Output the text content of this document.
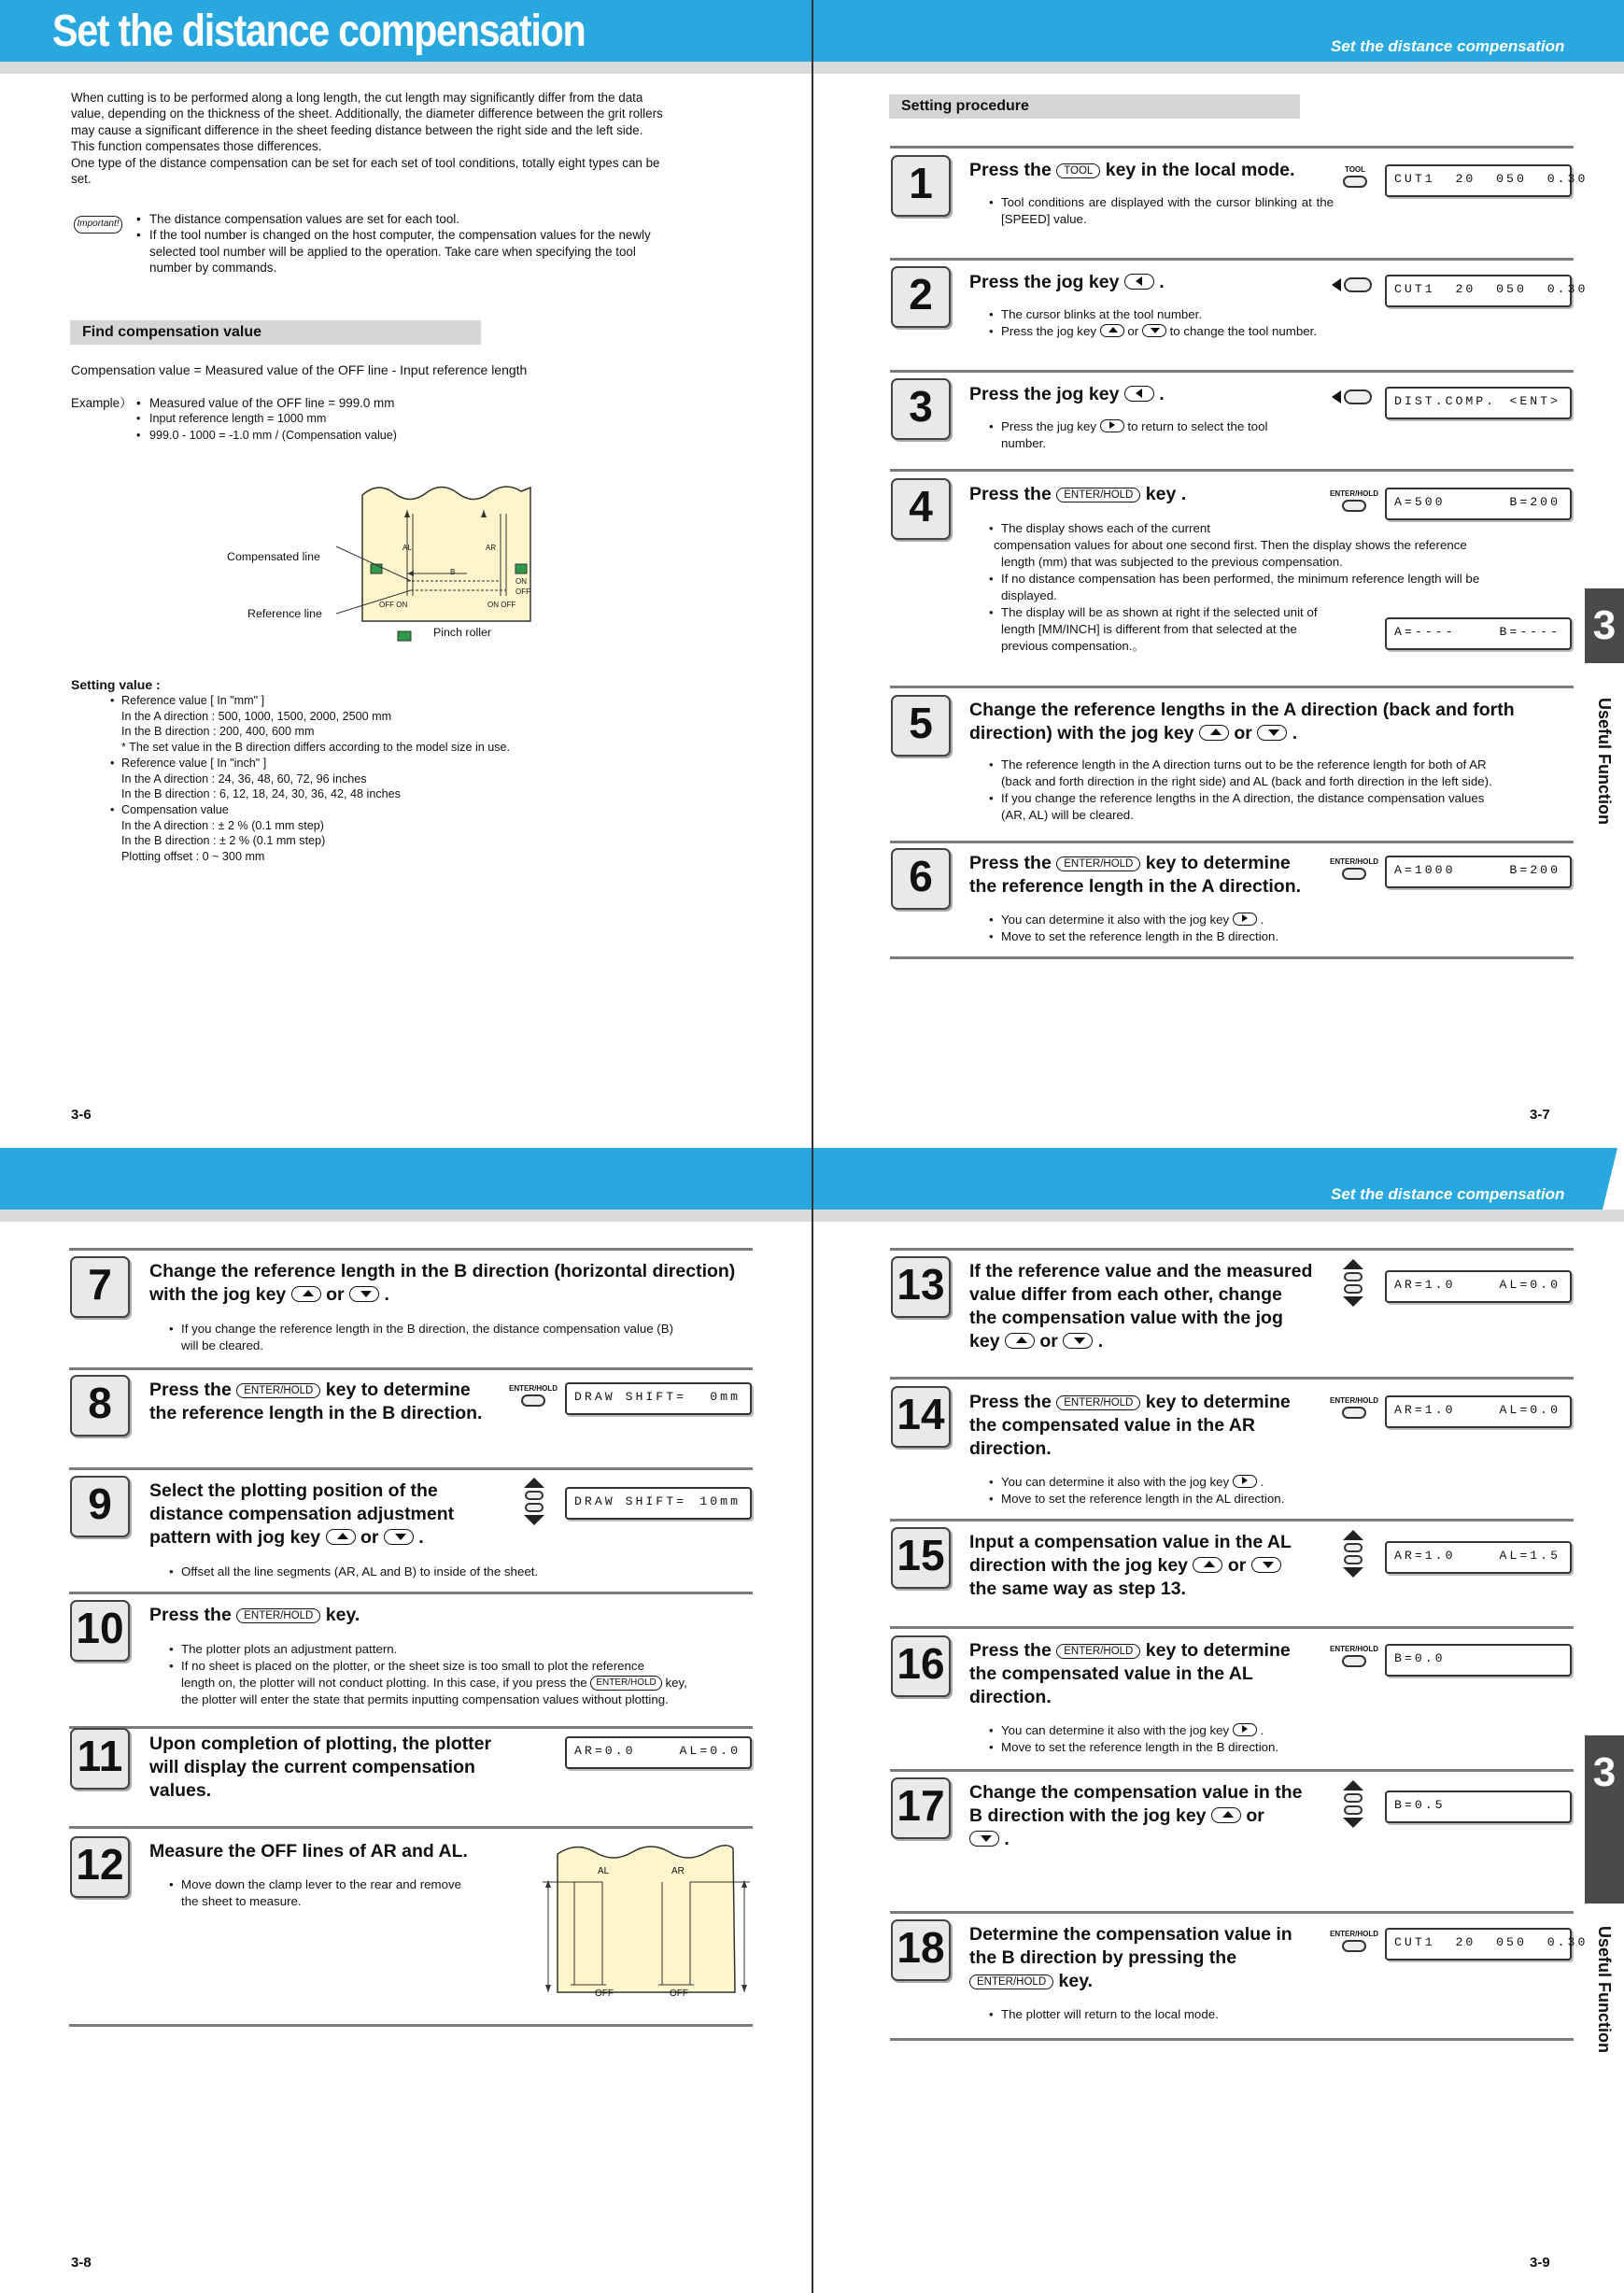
Set the distance compensation	Set the distance compensation
Set the distance compensation
When cutting is to be performed along a long length, the cut length may significantly differ from the data
value, depending on the thickness of the sheet. Additionally, the diameter difference between the grit rollers
may cause a significant difference in the sheet feeding distance between the right side and the left side.
This function compensates those differences.
One type of the distance compensation can be set for each set of tool conditions, totally eight types can be
set.
Important! • The distance compensation values are set for each tool.
• If the tool number is changed on the host computer, the compensation values for the newly
selected tool number will be applied to the operation. Take care when specifying the tool
number by commands.
Find compensation value
Compensation value = Measured value of the OFF line - Input reference length
Example） • Measured value of the OFF line = 999.0 mm
• Input reference length = 1000 mm
• 999.0 - 1000 = -1.0 mm / (Compensation value)
Compensated line
Reference line
Pinch roller
AL	AR
B
ON
OFF
OFF ON	ON OFF
Setting value :
• Reference value [ In "mm" ]
In the A direction : 500, 1000, 1500, 2000, 2500 mm
In the B direction : 200, 400, 600 mm
* The set value in the B direction differs according to the model size in use.
• Reference value [ In "inch" ]
In the A direction : 24, 36, 48, 60, 72, 96 inches
In the B direction : 6, 12, 18, 24, 30, 36, 42, 48 inches
• Compensation value
In the A direction : ± 2 % (0.1 mm step)
In the B direction : ± 2 % (0.1 mm step)
Plotting offset : 0 ~ 300 mm
3-6
Setting procedure
1	Press the TOOL key in the local mode.	TOOL
CUT1  20  050  0.30
• Tool conditions are displayed with the cursor blinking at the [SPEED] value.
2	Press the jog key  .	CUT1  20  050  0.30
• The cursor blinks at the tool number.
• Press the jog key  or  to change the tool number.
3	Press the jog key  .	DIST.COMP. <ENT>
• Press the jug key  to return to select the tool
number.
4	Press the ENTER/HOLD key .	ENTER/HOLD
A=500	B=200
• The display shows each of the current
compensation values for about one second first. Then the display shows the reference
length (mm) that was subjected to the previous compensation.
• If no distance compensation has been performed, the minimum reference length will be
displayed.
• The display will be as shown at right if the selected unit of
length [MM/INCH] is different from that selected at the
previous compensation.。
A=----	B=----
5	Change the reference lengths in the A direction (back and forth
direction) with the jog key  or  .
• The reference length in the A direction turns out to be the reference length for both of AR
(back and forth direction in the right side) and AL (back and forth direction in the left side).
• If you change the reference lengths in the A direction, the distance compensation values
(AR, AL) will be cleared.
6	Press the ENTER/HOLD key to determine
the reference length in the A direction.
ENTER/HOLD
A=1000	B=200
• You can determine it also with the jog key  .
• Move to set the reference length in the B direction.
3-7
3
Useful Function
7	Change the reference length in the B direction (horizontal direction)
with the jog key  or  .
• If you change the reference length in the B direction, the distance compensation value (B)
will be cleared.
8	Press the ENTER/HOLD key to determine
the reference length in the B direction.
ENTER/HOLD
DRAW SHIFT= 0mm
9	Select the plotting position of the
distance compensation adjustment
pattern with jog key  or  .
DRAW SHIFT= 10mm
• Offset all the line segments (AR, AL and B) to inside of the sheet.
10	Press the ENTER/HOLD key.
• The plotter plots an adjustment pattern.
• If no sheet is placed on the plotter, or the sheet size is too small to plot the reference
length on, the plotter will not conduct plotting. In this case, if you press the ENTER/HOLD key,
the plotter will enter the state that permits inputting compensation values without plotting.
11	Upon completion of plotting, the plotter
will display the current compensation
values.
AR=0.0	AL=0.0
12	Measure the OFF lines of AR and AL.
• Move down the clamp lever to the rear and remove
the sheet to measure.
AL	AR
OFF	OFF
3-8
13	If the reference value and the measured
value differ from each other, change
the compensation value with the jog
key  or  .
AR=1.0	AL=0.0
14	Press the ENTER/HOLD key to determine
the compensated value in the AR
direction.
ENTER/HOLD
AR=1.0	AL=0.0
• You can determine it also with the jog key  .
• Move to set the reference length in the AL direction.
15	Input a compensation value in the AL
direction with the jog key  or
the same way as step 13.
AR=1.0	AL=1.5
16	Press the ENTER/HOLD key to determine
the compensated value in the AL
direction.
ENTER/HOLD
B=0.0
• You can determine it also with the jog key  .
• Move to set the reference length in the B direction.
17	Change the compensation value in the
B direction with the jog key  or
.
B=0.5
18	Determine the compensation value in
the B direction by pressing the
ENTER/HOLD key.
ENTER/HOLD
CUT1  20  050  0.30
• The plotter will return to the local mode.
3-9
3
Useful Function
